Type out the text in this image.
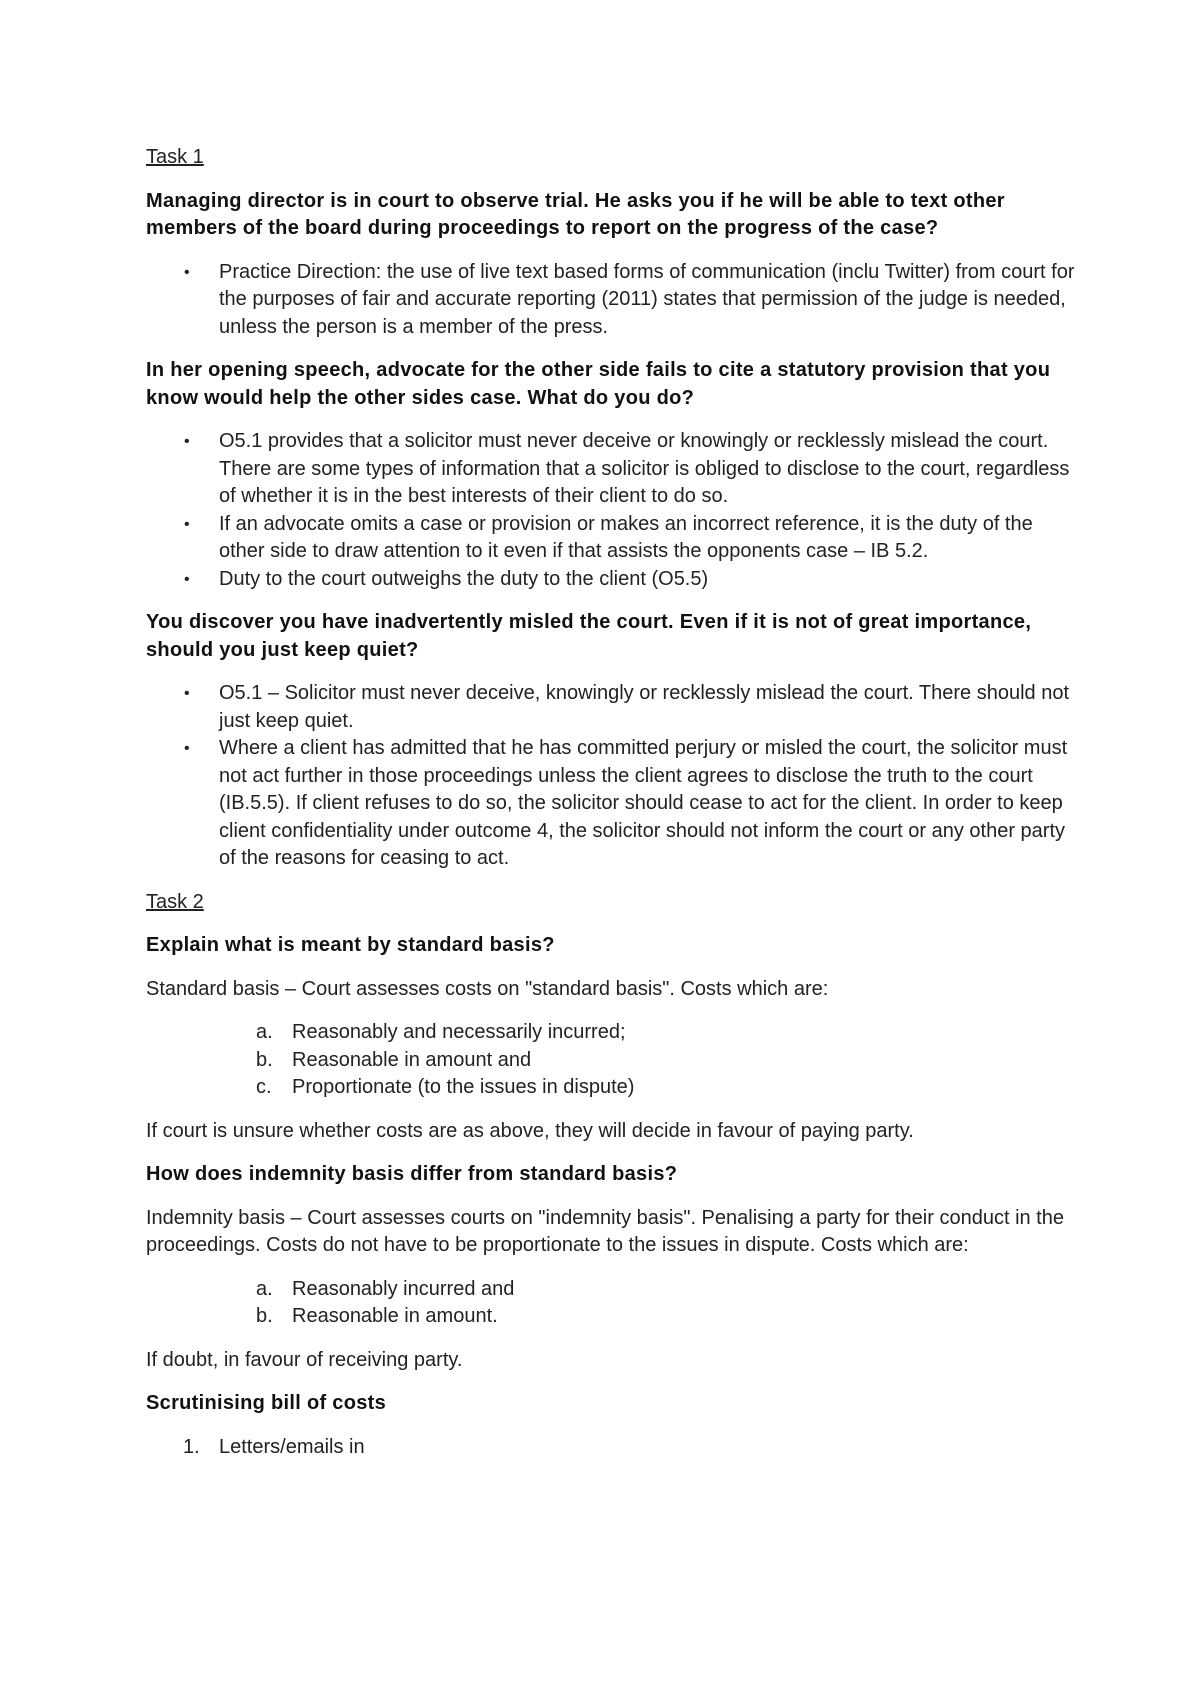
Task 1

Managing director is in court to observe trial. He asks you if he will be able to text other members of the board during proceedings to report on the progress of the case?

• Practice Direction: the use of live text based forms of communication (inclu Twitter) from court for the purposes of fair and accurate reporting (2011) states that permission of the judge is needed, unless the person is a member of the press.

In her opening speech, advocate for the other side fails to cite a statutory provision that you know would help the other sides case. What do you do?

• O5.1 provides that a solicitor must never deceive or knowingly or recklessly mislead the court. There are some types of information that a solicitor is obliged to disclose to the court, regardless of whether it is in the best interests of their client to do so.
• If an advocate omits a case or provision or makes an incorrect reference, it is the duty of the other side to draw attention to it even if that assists the opponents case – IB 5.2.
• Duty to the court outweighs the duty to the client (O5.5)

You discover you have inadvertently misled the court. Even if it is not of great importance, should you just keep quiet?

• O5.1 – Solicitor must never deceive, knowingly or recklessly mislead the court. There should not just keep quiet.
• Where a client has admitted that he has committed perjury or misled the court, the solicitor must not act further in those proceedings unless the client agrees to disclose the truth to the court (IB.5.5). If client refuses to do so, the solicitor should cease to act for the client. In order to keep client confidentiality under outcome 4, the solicitor should not inform the court or any other party of the reasons for ceasing to act.

Task 2

Explain what is meant by standard basis?

Standard basis – Court assesses costs on "standard basis". Costs which are:

a. Reasonably and necessarily incurred;
b. Reasonable in amount and
c. Proportionate (to the issues in dispute)

If court is unsure whether costs are as above, they will decide in favour of paying party.

How does indemnity basis differ from standard basis?

Indemnity basis – Court assesses courts on "indemnity basis". Penalising a party for their conduct in the proceedings. Costs do not have to be proportionate to the issues in dispute. Costs which are:

a. Reasonably incurred and
b. Reasonable in amount.

If doubt, in favour of receiving party.

Scrutinising bill of costs

1. Letters/emails in
